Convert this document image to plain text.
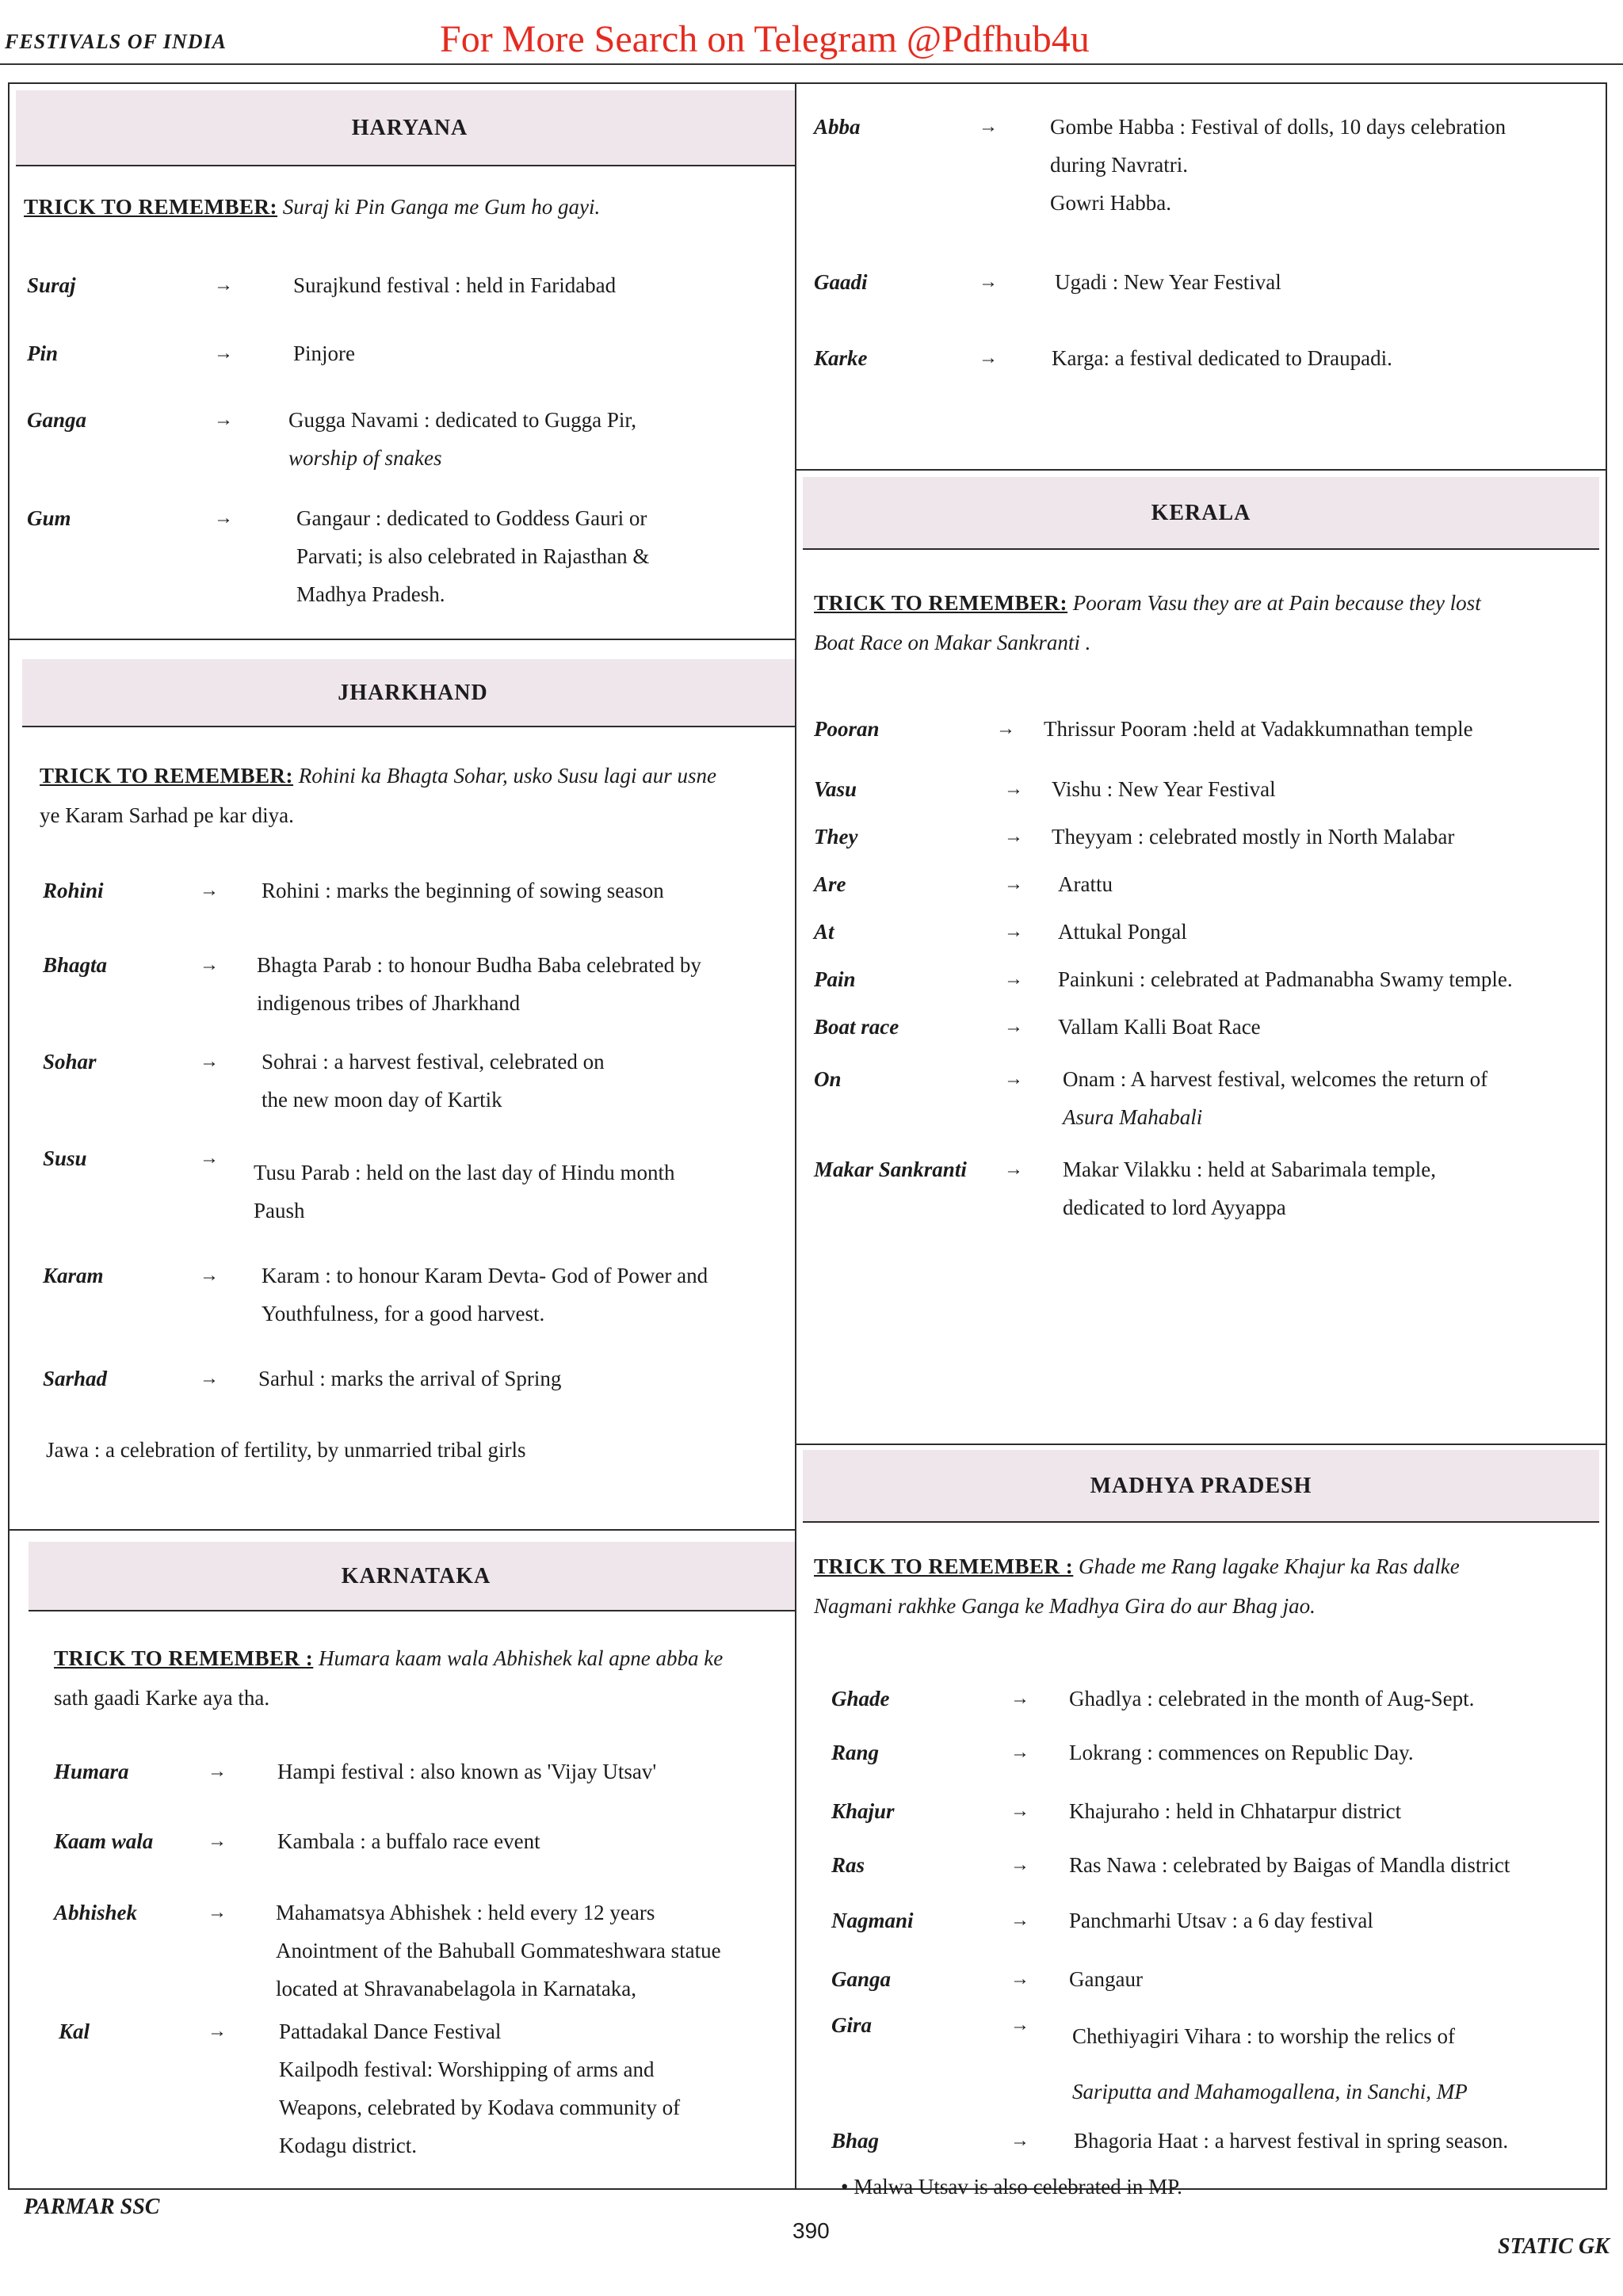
FESTIVALS OF INDIA	For More Search on Telegram @Pdfhub4u
HARYANA
TRICK TO REMEMBER: Suraj ki Pin Ganga me Gum ho gayi.
Suraj	→	Surajkund festival : held in Faridabad
Pin	→	Pinjore
Ganga	→	Gugga Navami : dedicated to Gugga Pir,
worship of snakes
Gum	→	Gangaur : dedicated to Goddess Gauri or
Parvati; is also celebrated in Rajasthan &
Madhya Pradesh.
JHARKHAND
TRICK TO REMEMBER: Rohini ka Bhagta Sohar, usko Susu lagi aur usne
ye Karam Sarhad pe kar diya.
Rohini	→ Rohini : marks the beginning of sowing season
Bhagta	→ Bhagta Parab : to honour Budha Baba celebrated by
indigenous tribes of Jharkhand
Sohar	→ Sohrai : a harvest festival, celebrated on
the new moon day of Kartik
Susu	→
Tusu Parab : held on the last day of Hindu month
Paush
Karam	→ Karam : to honour Karam Devta- God of Power and
Youthfulness, for a good harvest.
Sarhad	→ Sarhul : marks the arrival of Spring
Jawa : a celebration of fertility, by unmarried tribal girls
KARNATAKA
TRICK TO REMEMBER : Humara kaam wala Abhishek kal apne abba ke
sath gaadi Karke aya tha.
Humara	→ Hampi festival : also known as 'Vijay Utsav'
Kaam wala	→ Kambala : a buffalo race event
Abhishek	→ Mahamatsya Abhishek : held every 12 years
Anointment of the Bahuball Gommateshwara statue
located at Shravanabelagola in Karnataka,
Kal	→ Pattadakal Dance Festival
Kailpodh festival: Worshipping of arms and
Weapons, celebrated by Kodava community of
Kodagu district.
Abba	→ Gombe Habba : Festival of dolls, 10 days celebration
during Navratri.
Gowri Habba.
Gaadi	→	Ugadi : New Year Festival
Karke	→	Karga: a festival dedicated to Draupadi.
KERALA
TRICK TO REMEMBER: Pooram Vasu they are at Pain because they lost
Boat Race on Makar Sankranti .
Pooran	→ Thrissur Pooram :held at Vadakkumnathan temple
Vasu	→ Vishu : New Year Festival
They	→ Theyyam : celebrated mostly in North Malabar
Are	→ Arattu
At	→ Attukal Pongal
Pain	→ Painkuni : celebrated at Padmanabha Swamy temple.
Boat race	→ Vallam Kalli Boat Race
On	→ Onam : A harvest festival, welcomes the return of
Asura Mahabali
Makar Sankranti → Makar Vilakku : held at Sabarimala temple,
dedicated to lord Ayyappa
MADHYA PRADESH
TRICK TO REMEMBER : Ghade me Rang lagake Khajur ka Ras dalke
Nagmani rakhke Ganga ke Madhya Gira do aur Bhag jao.
Ghade	→ Ghadlya : celebrated in the month of Aug-Sept.
Rang	→ Lokrang : commences on Republic Day.
Khajur	→ Khajuraho : held in Chhatarpur district
Ras	→ Ras Nawa : celebrated by Baigas of Mandla district
Nagmani	→ Panchmarhi Utsav : a 6 day festival
Ganga	→ Gangaur
Gira	→ Chethiyagiri Vihara : to worship the relics of
Sariputta and Mahamogallena, in Sanchi, MP
Bhag	→ Bhagoria Haat : a harvest festival in spring season.
• Malwa Utsav is also celebrated in MP.
PARMAR SSC
390
STATIC GK
